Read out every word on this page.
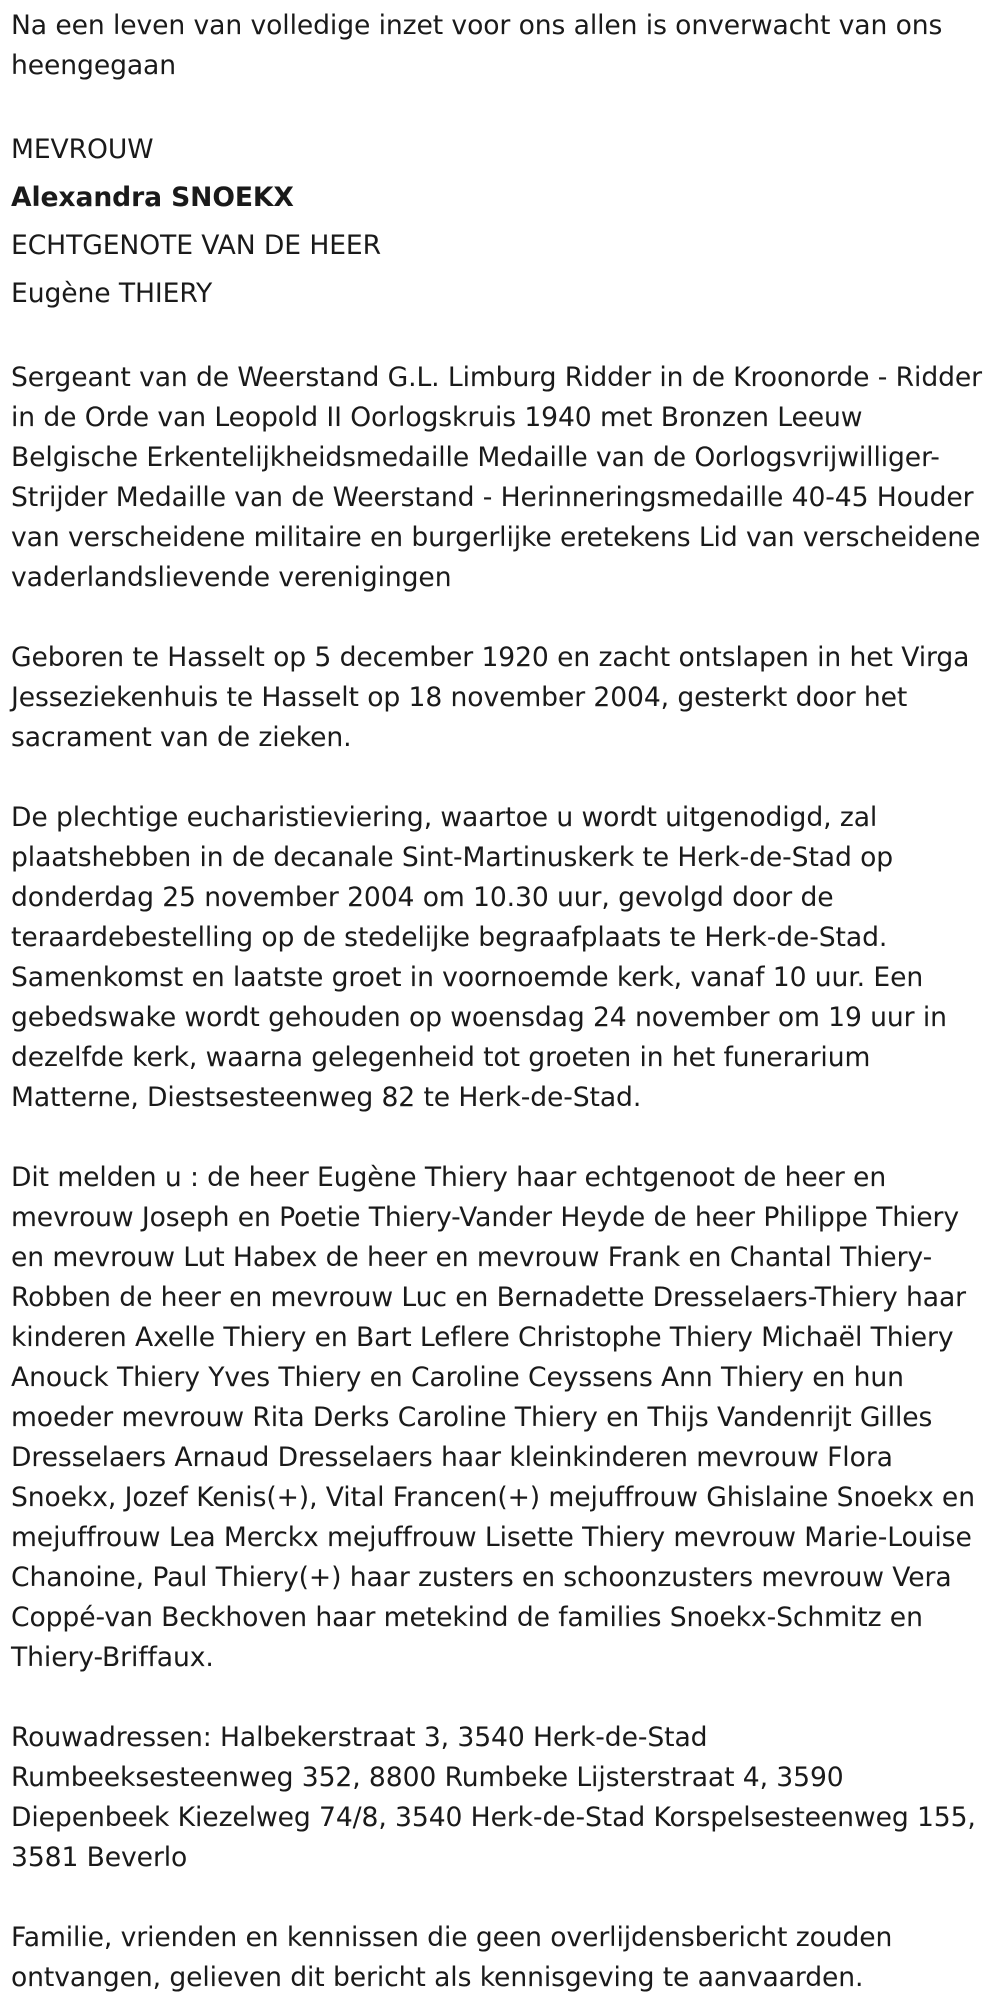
Na een leven van volledige inzet voor ons allen is onverwacht van ons heengegaan

MEVROUW

Alexandra SNOEKX

ECHTGENOTE VAN DE HEER

Eugène THIERY

Sergeant van de Weerstand G.L. Limburg Ridder in de Kroonorde - Ridder in de Orde van Leopold II Oorlogskruis 1940 met Bronzen Leeuw Belgische Erkentelijkheidsmedaille Medaille van de Oorlogsvrijwilliger-Strijder Medaille van de Weerstand - Herinneringsmedaille 40-45 Houder van verscheidene militaire en burgerlijke eretekens Lid van verscheidene vaderlandslievende verenigingen

Geboren te Hasselt op 5 december 1920 en zacht ontslapen in het Virga Jesseziekenhuis te Hasselt op 18 november 2004, gesterkt door het sacrament van de zieken.

De plechtige eucharistieviering, waartoe u wordt uitgenodigd, zal plaatshebben in de decanale Sint-Martinuskerk te Herk-de-Stad op donderdag 25 november 2004 om 10.30 uur, gevolgd door de teraardebestelling op de stedelijke begraafplaats te Herk-de-Stad. Samenkomst en laatste groet in voornoemde kerk, vanaf 10 uur. Een gebedswake wordt gehouden op woensdag 24 november om 19 uur in dezelfde kerk, waarna gelegenheid tot groeten in het funerarium Matterne, Diestsesteenweg 82 te Herk-de-Stad.

Dit melden u : de heer Eugène Thiery haar echtgenoot de heer en mevrouw Joseph en Poetie Thiery-Vander Heyde de heer Philippe Thiery en mevrouw Lut Habex de heer en mevrouw Frank en Chantal Thiery-Robben de heer en mevrouw Luc en Bernadette Dresselaers-Thiery haar kinderen Axelle Thiery en Bart Leflere Christophe Thiery Michaël Thiery Anouck Thiery Yves Thiery en Caroline Ceyssens Ann Thiery en hun moeder mevrouw Rita Derks Caroline Thiery en Thijs Vandenrijt Gilles Dresselaers Arnaud Dresselaers haar kleinkinderen mevrouw Flora Snoekx, Jozef Kenis(+), Vital Francen(+) mejuffrouw Ghislaine Snoekx en mejuffrouw Lea Merckx mejuffrouw Lisette Thiery mevrouw Marie-Louise Chanoine, Paul Thiery(+) haar zusters en schoonzusters mevrouw Vera Coppé-van Beckhoven haar metekind de families Snoekx-Schmitz en Thiery-Briffaux.

Rouwadressen: Halbekerstraat 3, 3540 Herk-de-Stad Rumbeeksesteenweg 352, 8800 Rumbeke Lijsterstraat 4, 3590 Diepenbeek Kiezelweg 74/8, 3540 Herk-de-Stad Korspelsesteenweg 155, 3581 Beverlo

Familie, vrienden en kennissen die geen overlijdensbericht zouden ontvangen, gelieven dit bericht als kennisgeving te aanvaarden.
